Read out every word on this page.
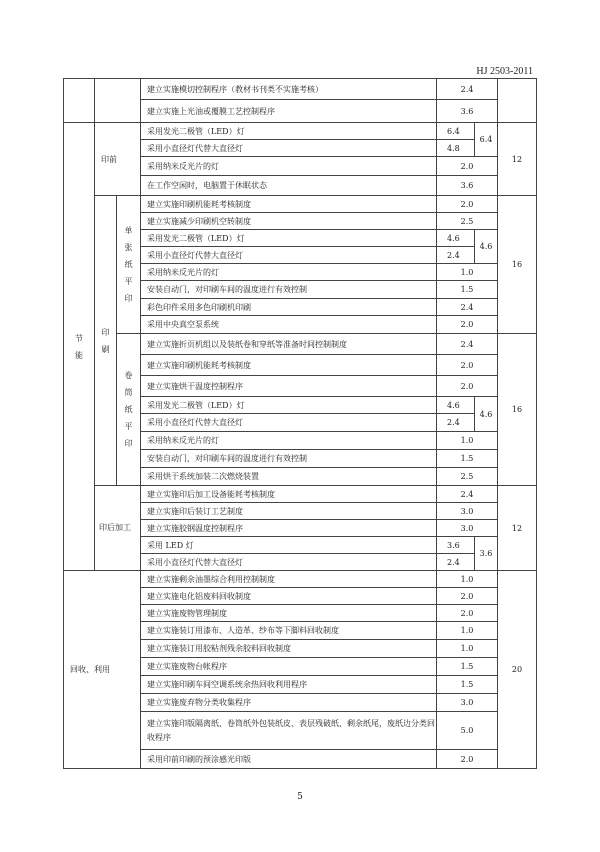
HJ 2503-2011
			建立实施模切控制程序（教材书刊类不实施考核）	2.4		
			建立实施上光油或覆膜工艺控制程序	3.6		
节能	印前		采用发光二极管（LED）灯	6.4	6.4	12
			采用小直径灯代替大直径灯	4.8		
			采用纳米反光片的灯	2.0		
			在工作空闲时，电脑置于休眠状态	3.6		
	印刷	单张纸平印	建立实施印刷机能耗考核制度	2.0		16
			建立实施减少印刷机空转制度	2.5		
			采用发光二极管（LED）灯	4.6	4.6	
			采用小直径灯代替大直径灯	2.4		
			采用纳米反光片的灯	1.0		
			安装自动门，对印刷车间的温度进行有效控制	1.5		
			彩色印件采用多色印刷机印刷	2.4		
			采用中央真空泵系统	2.0		
		卷筒纸平印	建立实施折页机组以及装纸卷和穿纸等准备时间控制制度	2.4		16
			建立实施印刷机能耗考核制度	2.0		
			建立实施烘干温度控制程序	2.0		
			采用发光二极管（LED）灯	4.6	4.6	
			采用小直径灯代替大直径灯	2.4		
			采用纳米反光片的灯	1.0		
			安装自动门，对印刷车间的温度进行有效控制	1.5		
			采用烘干系统加装二次燃烧装置	2.5		
	印后加工		建立实施印后加工设备能耗考核制度	2.4		12
			建立实施印后装订工艺制度	3.0		
			建立实施胶钢温度控制程序	3.0		
			采用 LED 灯	3.6	3.6	
			采用小直径灯代替大直径灯	2.4		
回收、利用			建立实施剩余油墨综合利用控制制度	1.0		20
			建立实施电化铝废料回收制度	2.0		
			建立实施废物管理制度	2.0		
			建立实施装订用漆布、人造革、纱布等下脚料回收制度	1.0		
			建立实施装订用胶粘剂残余胶料回收制度	1.0		
			建立实施废物台帐程序	1.5		
			建立实施印刷车间空调系统余热回收利用程序	1.5		
			建立实施废弃物分类收集程序	3.0		
			建立实施印版隔离纸、卷筒纸外包装纸皮、表层残破纸、剩余纸尾，废纸边分类回收程序	5.0		
			采用印前印刷的预涂感光印版	2.0		
5
